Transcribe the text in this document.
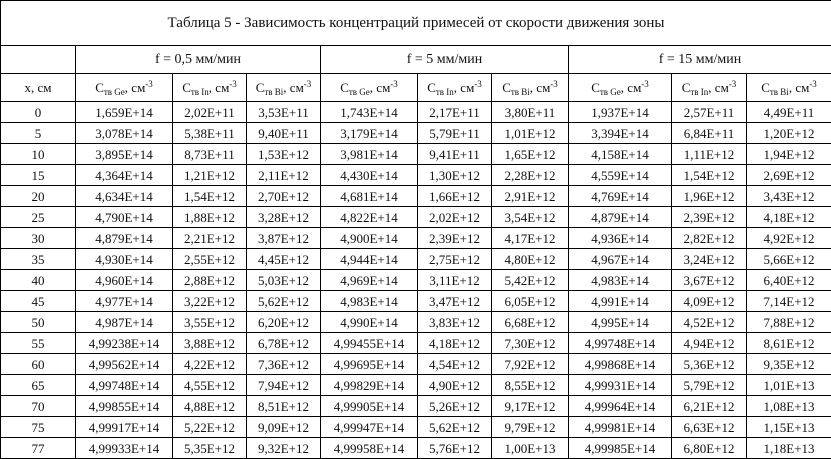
Таблица 5 - Зависимость концентраций примесей от скорости движения зоны									
	f = 0,5 мм/мин			f = 5 мм/мин			f = 15 мм/мин		
x, см	$C_{тв Ge}$, $см^{-3}$	$C_{тв In}$, $см^{-3}$	$C_{тв Bi}$, $см^{-3}$	$C_{тв Ge}$, $см^{-3}$	$C_{тв In}$, $см^{-3}$	$C_{тв Bi}$, $см^{-3}$	$C_{тв Ge}$, $см^{-3}$	$C_{тв In}$, $см^{-3}$	$C_{тв Bi}$, $см^{-3}$
0	1,659E+14	2,02E+11	3,53E+11	1,743E+14	2,17E+11	3,80E+11	1,937E+14	2,57E+11	4,49E+11
5	3,078E+14	5,38E+11	9,40E+11	3,179E+14	5,79E+11	1,01E+12	3,394E+14	6,84E+11	1,20E+12
10	3,895E+14	8,73E+11	1,53E+12	3,981E+14	9,41E+11	1,65E+12	4,158E+14	1,11E+12	1,94E+12
15	4,364E+14	1,21E+12	2,11E+12	4,430E+14	1,30E+12	2,28E+12	4,559E+14	1,54E+12	2,69E+12
20	4,634E+14	1,54E+12	2,70E+12	4,681E+14	1,66E+12	2,91E+12	4,769E+14	1,96E+12	3,43E+12
25	4,790E+14	1,88E+12	3,28E+12	4,822E+14	2,02E+12	3,54E+12	4,879E+14	2,39E+12	4,18E+12
30	4,879E+14	2,21E+12	3,87E+12	4,900E+14	2,39E+12	4,17E+12	4,936E+14	2,82E+12	4,92E+12
35	4,930E+14	2,55E+12	4,45E+12	4,944E+14	2,75E+12	4,80E+12	4,967E+14	3,24E+12	5,66E+12
40	4,960E+14	2,88E+12	5,03E+12	4,969E+14	3,11E+12	5,42E+12	4,983E+14	3,67E+12	6,40E+12
45	4,977E+14	3,22E+12	5,62E+12	4,983E+14	3,47E+12	6,05E+12	4,991E+14	4,09E+12	7,14E+12
50	4,987E+14	3,55E+12	6,20E+12	4,990E+14	3,83E+12	6,68E+12	4,995E+14	4,52E+12	7,88E+12
55	4,99238E+14	3,88E+12	6,78E+12	4,99455E+14	4,18E+12	7,30E+12	4,99748E+14	4,94E+12	8,61E+12
60	4,99562E+14	4,22E+12	7,36E+12	4,99695E+14	4,54E+12	7,92E+12	4,99868E+14	5,36E+12	9,35E+12
65	4,99748E+14	4,55E+12	7,94E+12	4,99829E+14	4,90E+12	8,55E+12	4,99931E+14	5,79E+12	1,01E+13
70	4,99855E+14	4,88E+12	8,51E+12	4,99905E+14	5,26E+12	9,17E+12	4,99964E+14	6,21E+12	1,08E+13
75	4,99917E+14	5,22E+12	9,09E+12	4,99947E+14	5,62E+12	9,79E+12	4,99981E+14	6,63E+12	1,15E+13
77	4,99933E+14	5,35E+12	9,32E+12	4,99958E+14	5,76E+12	1,00E+13	4,99985E+14	6,80E+12	1,18E+13
